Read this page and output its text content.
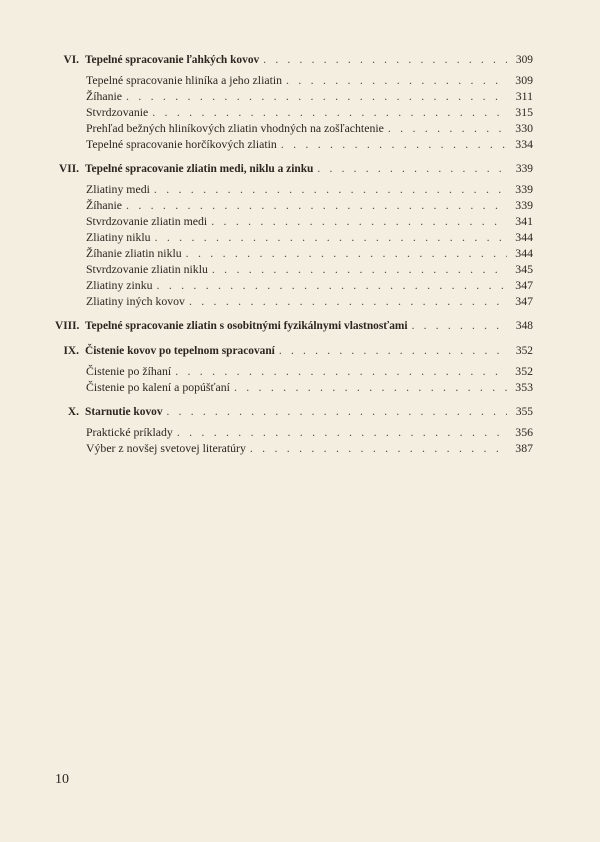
VI. Tepelné spracovanie ľahkých kovov . . .	309
Tepelné spracovanie hliníka a jeho zliatin . . .	309
Žíhanie . . .	311
Stvrdzovanie . . .	315
Prehľad bežných hliníkových zliatin vhodných na zošľachtenie . . .	330
Tepelné spracovanie horčíkových zliatin . . .	334
VII. Tepelné spracovanie zliatin medi, niklu a zinku . . .	339
Zliatiny medi . . .	339
Žíhanie . . .	339
Stvrdzovanie zliatin medi . . .	341
Zliatiny niklu . . .	344
Žíhanie zliatin niklu . . .	344
Stvrdzovanie zliatin niklu . . .	345
Zliatiny zinku . . .	347
Zliatiny iných kovov . . .	347
VIII. Tepelné spracovanie zliatin s osobitnými fyzikálnymi vlastnosťami . . .	348
IX. Čistenie kovov po tepelnom spracovaní . . .	352
Čistenie po žíhaní . . .	352
Čistenie po kalení a popúšťaní . . .	353
X. Starnutie kovov . . .	355
Praktické príklady . . .	356
Výber z novšej svetovej literatúry . . .	387
10
